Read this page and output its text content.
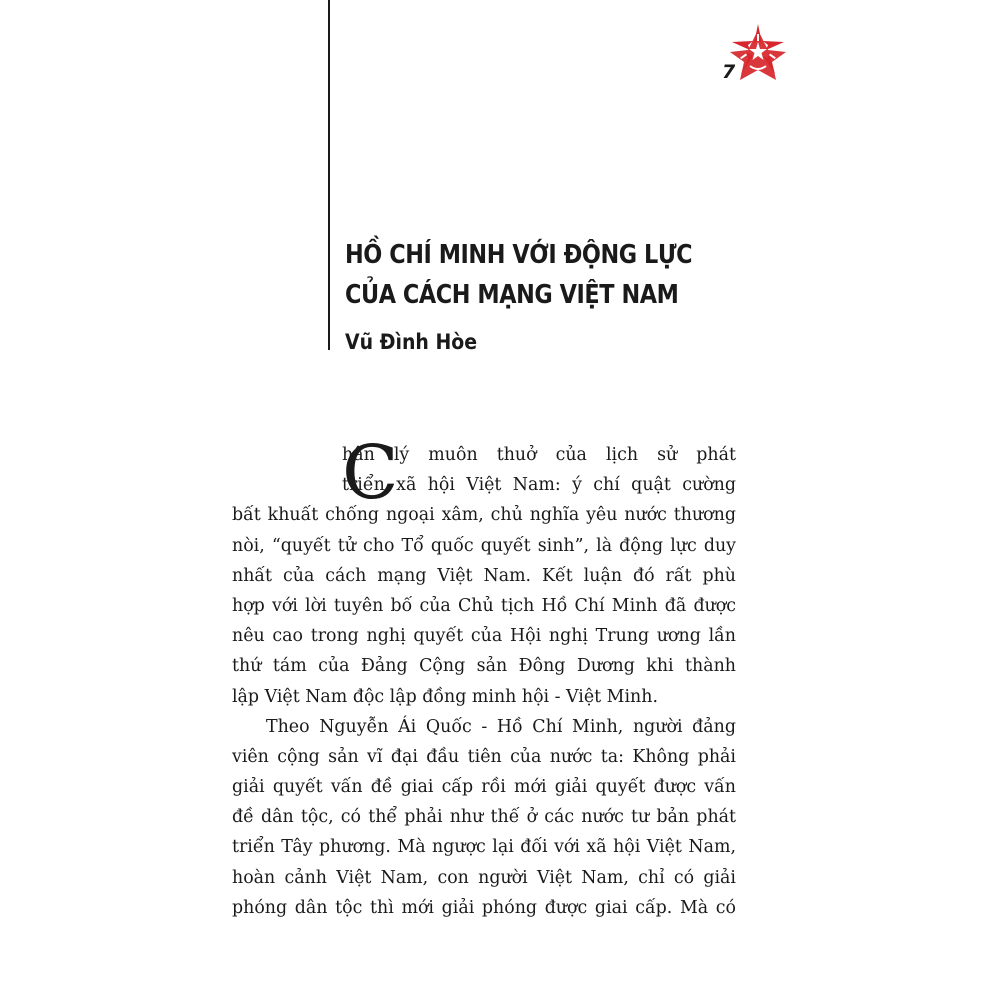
7
HỒ CHÍ MINH VỚI ĐỘNG LỰC
CỦA CÁCH MẠNG VIỆT NAM
Vũ Đình Hòe
C
hân lý muôn thuở của lịch sử phát
triển xã hội Việt Nam: ý chí quật cường
bất khuất chống ngoại xâm, chủ nghĩa yêu nước thương
nòi, “quyết tử cho Tổ quốc quyết sinh”, là động lực duy
nhất của cách mạng Việt Nam. Kết luận đó rất phù
hợp với lời tuyên bố của Chủ tịch Hồ Chí Minh đã được
nêu cao trong nghị quyết của Hội nghị Trung ương lần
thứ tám của Đảng Cộng sản Đông Dương khi thành
lập Việt Nam độc lập đồng minh hội - Việt Minh.
Theo Nguyễn Ái Quốc - Hồ Chí Minh, người đảng
viên cộng sản vĩ đại đầu tiên của nước ta: Không phải
giải quyết vấn đề giai cấp rồi mới giải quyết được vấn
đề dân tộc, có thể phải như thế ở các nước tư bản phát
triển Tây phương. Mà ngược lại đối với xã hội Việt Nam,
hoàn cảnh Việt Nam, con người Việt Nam, chỉ có giải
phóng dân tộc thì mới giải phóng được giai cấp. Mà có
